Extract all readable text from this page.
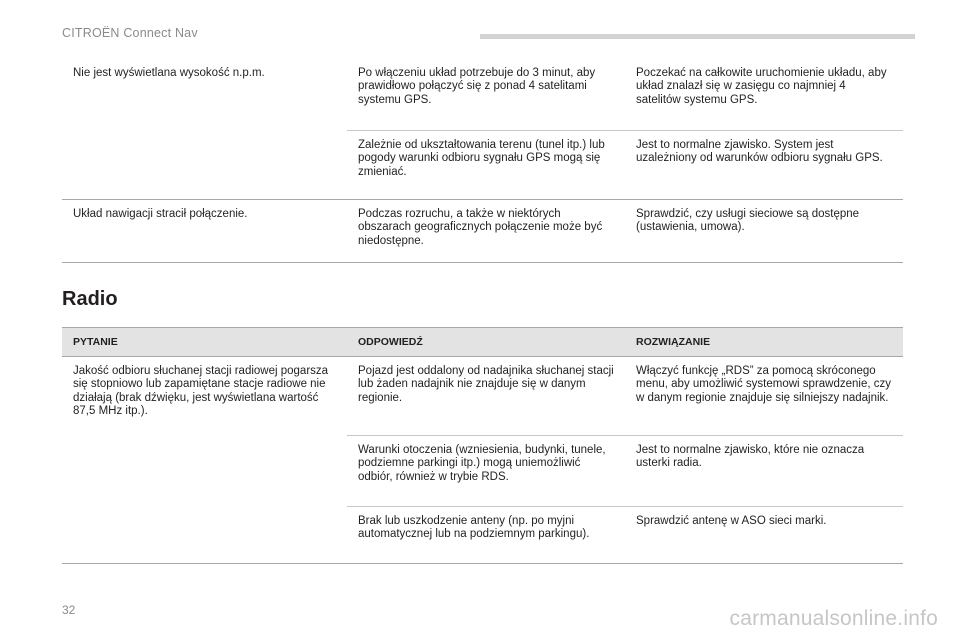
CITROËN Connect Nav
Nie jest wyświetlana wysokość n.p.m.	Po włączeniu układ potrzebuje do 3 minut, aby prawidłowo połączyć się z ponad 4 satelitami systemu GPS.	Poczekać na całkowite uruchomienie układu, aby układ znalazł się w zasięgu co najmniej 4 satelitów systemu GPS.
	Zależnie od ukształtowania terenu (tunel itp.) lub pogody warunki odbioru sygnału GPS mogą się zmieniać.	Jest to normalne zjawisko. System jest uzależniony od warunków odbioru sygnału GPS.
Układ nawigacji stracił połączenie.	Podczas rozruchu, a także w niektórych obszarach geograficznych połączenie może być niedostępne.	Sprawdzić, czy usługi sieciowe są dostępne (ustawienia, umowa).
Radio
PYTANIE	ODPOWIEDŹ	ROZWIĄZANIE
Jakość odbioru słuchanej stacji radiowej pogarsza się stopniowo lub zapamiętane stacje radiowe nie działają (brak dźwięku, jest wyświetlana wartość 87,5 MHz itp.).	Pojazd jest oddalony od nadajnika słuchanej stacji lub żaden nadajnik nie znajduje się w danym regionie.	Włączyć funkcję „RDS” za pomocą skróconego menu, aby umożliwić systemowi sprawdzenie, czy w danym regionie znajduje się silniejszy nadajnik.
	Warunki otoczenia (wzniesienia, budynki, tunele, podziemne parkingi itp.) mogą uniemożliwić odbiór, również w trybie RDS.	Jest to normalne zjawisko, które nie oznacza usterki radia.
	Brak lub uszkodzenie anteny (np. po myjni automatycznej lub na podziemnym parkingu).	Sprawdzić antenę w ASO sieci marki.
32	carmanualsonline.info
